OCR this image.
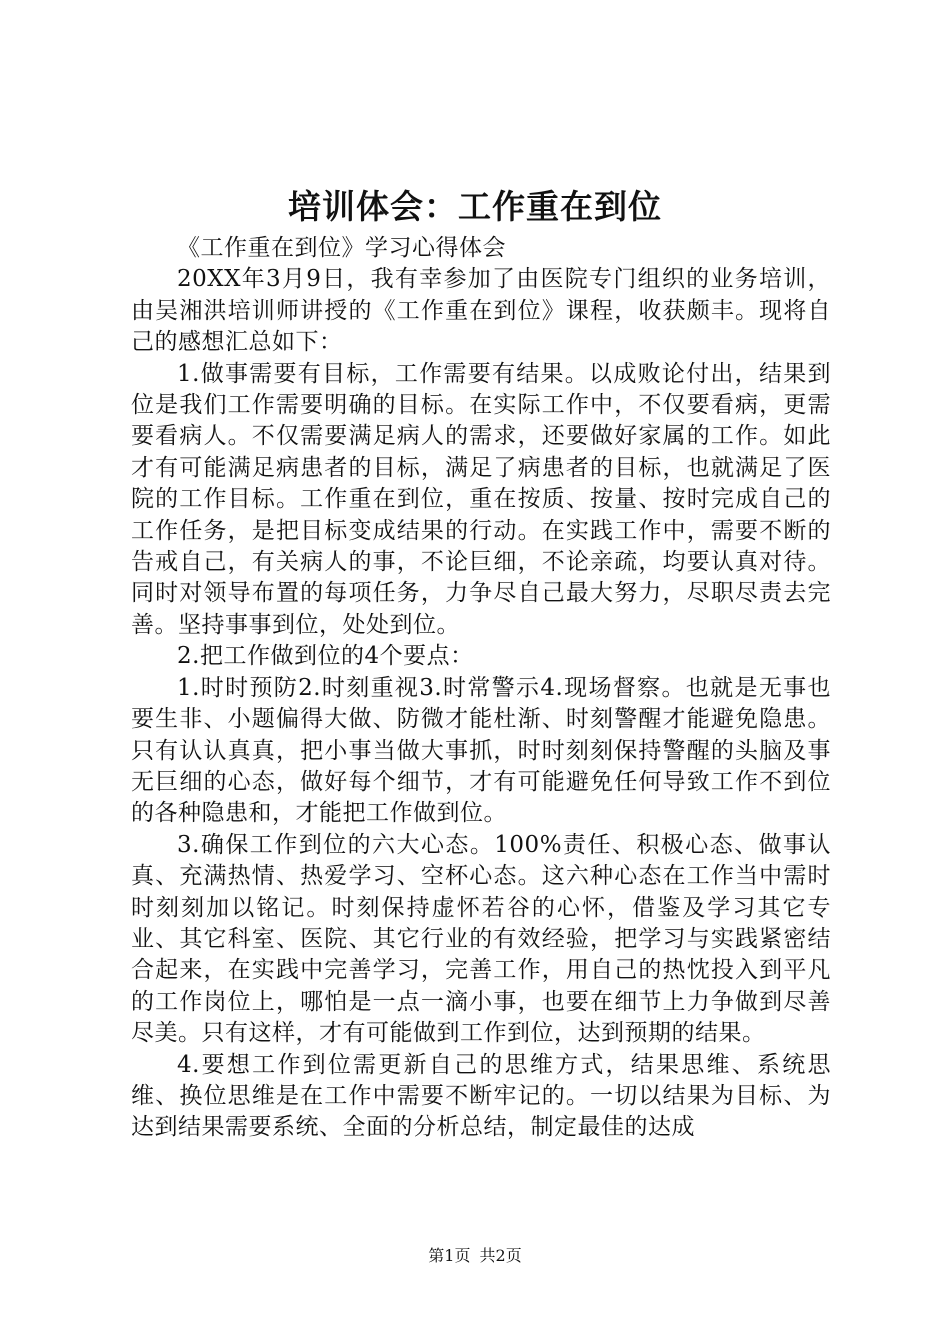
培训体会：工作重在到位

《工作重在到位》学习心得体会

20XX年3月9日，我有幸参加了由医院专门组织的业务培训，由吴湘洪培训师讲授的《工作重在到位》课程，收获颇丰。现将自己的感想汇总如下：

1.做事需要有目标，工作需要有结果。以成败论付出，结果到位是我们工作需要明确的目标。在实际工作中，不仅要看病，更需要看病人。不仅需要满足病人的需求，还要做好家属的工作。如此才有可能满足病患者的目标，满足了病患者的目标，也就满足了医院的工作目标。工作重在到位，重在按质、按量、按时完成自己的工作任务，是把目标变成结果的行动。在实践工作中，需要不断的告戒自己，有关病人的事，不论巨细，不论亲疏，均要认真对待。同时对领导布置的每项任务，力争尽自己最大努力，尽职尽责去完善。坚持事事到位，处处到位。

2.把工作做到位的4个要点：

1.时时预防2.时刻重视3.时常警示4.现场督察。也就是无事也要生非、小题偏得大做、防微才能杜渐、时刻警醒才能避免隐患。只有认认真真，把小事当做大事抓，时时刻刻保持警醒的头脑及事无巨细的心态，做好每个细节，才有可能避免任何导致工作不到位的各种隐患和，才能把工作做到位。

3.确保工作到位的六大心态。100%责任、积极心态、做事认真、充满热情、热爱学习、空杯心态。这六种心态在工作当中需时时刻刻加以铭记。时刻保持虚怀若谷的心怀，借鉴及学习其它专业、其它科室、医院、其它行业的有效经验，把学习与实践紧密结合起来，在实践中完善学习，完善工作，用自己的热忱投入到平凡的工作岗位上，哪怕是一点一滴小事，也要在细节上力争做到尽善尽美。只有这样，才有可能做到工作到位，达到预期的结果。

4.要想工作到位需更新自己的思维方式，结果思维、系统思维、换位思维是在工作中需要不断牢记的。一切以结果为目标、为达到结果需要系统、全面的分析总结，制定最佳的达成

第1页 共2页
